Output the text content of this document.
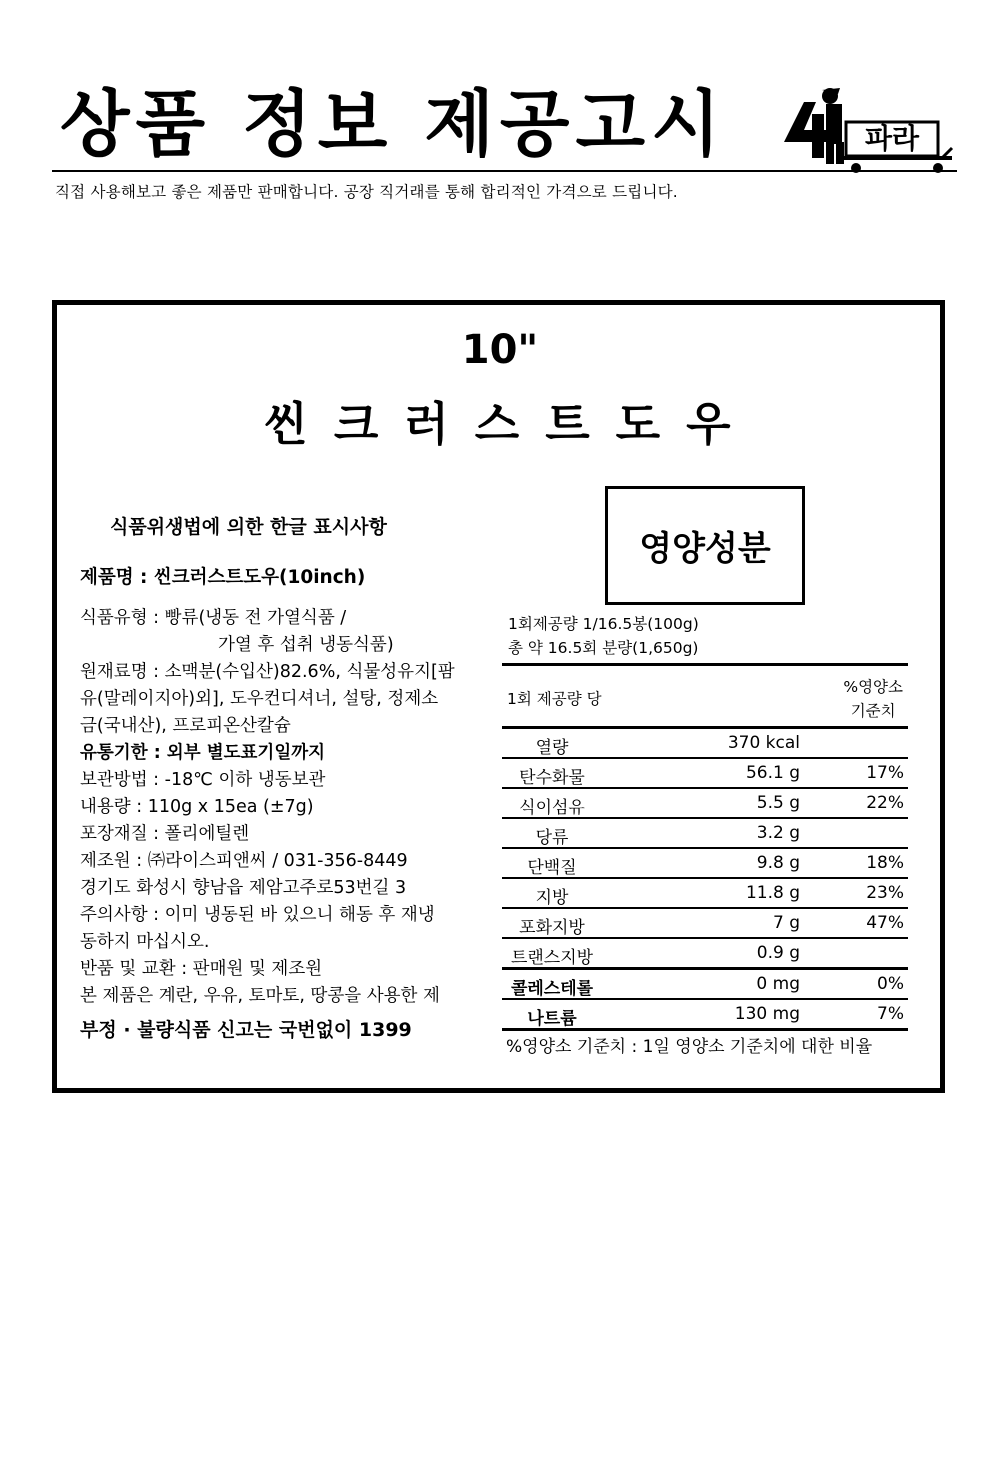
상품 정보 제공고시
직접 사용해보고 좋은 제품만 판매합니다. 공장 직거래를 통해 합리적인 가격으로 드립니다.
파라
10"
씬크러스트도우
식품위생법에 의한 한글 표시사항
제품명 : 씬크러스트도우(10inch)
식품유형 : 빵류(냉동 전 가열식품 /
가열 후 섭취 냉동식품)
원재료명 : 소맥분(수입산)82.6%, 식물성유지[팜
유(말레이지아)외], 도우컨디셔너, 설탕, 정제소
금(국내산), 프로피온산칼슘
유통기한 : 외부 별도표기일까지
보관방법 : -18℃ 이하 냉동보관
내용량 : 110g x 15ea (±7g)
포장재질 : 폴리에틸렌
제조원 : ㈜라이스피앤씨 / 031-356-8449
경기도 화성시 향남읍 제암고주로53번길 3
주의사항 : 이미 냉동된 바 있으니 해동 후 재냉
동하지 마십시오.
반품 및 교환 : 판매원 및 제조원
본 제품은 계란, 우유, 토마토, 땅콩을 사용한 제
부정 · 불량식품 신고는 국번없이 1399
영양성분
1회제공량 1/16.5봉(100g)
총 약 16.5회 분량(1,650g)
1회 제공량 당
%영양소
기준치
열량	370 kcal
탄수화물	56.1 g	17%
식이섬유	5.5 g	22%
당류	3.2 g
단백질	9.8 g	18%
지방	11.8 g	23%
포화지방	7 g	47%
트랜스지방	0.9 g
콜레스테롤	0 mg	0%
나트륨	130 mg	7%
%영양소 기준치 : 1일 영양소 기준치에 대한 비율
